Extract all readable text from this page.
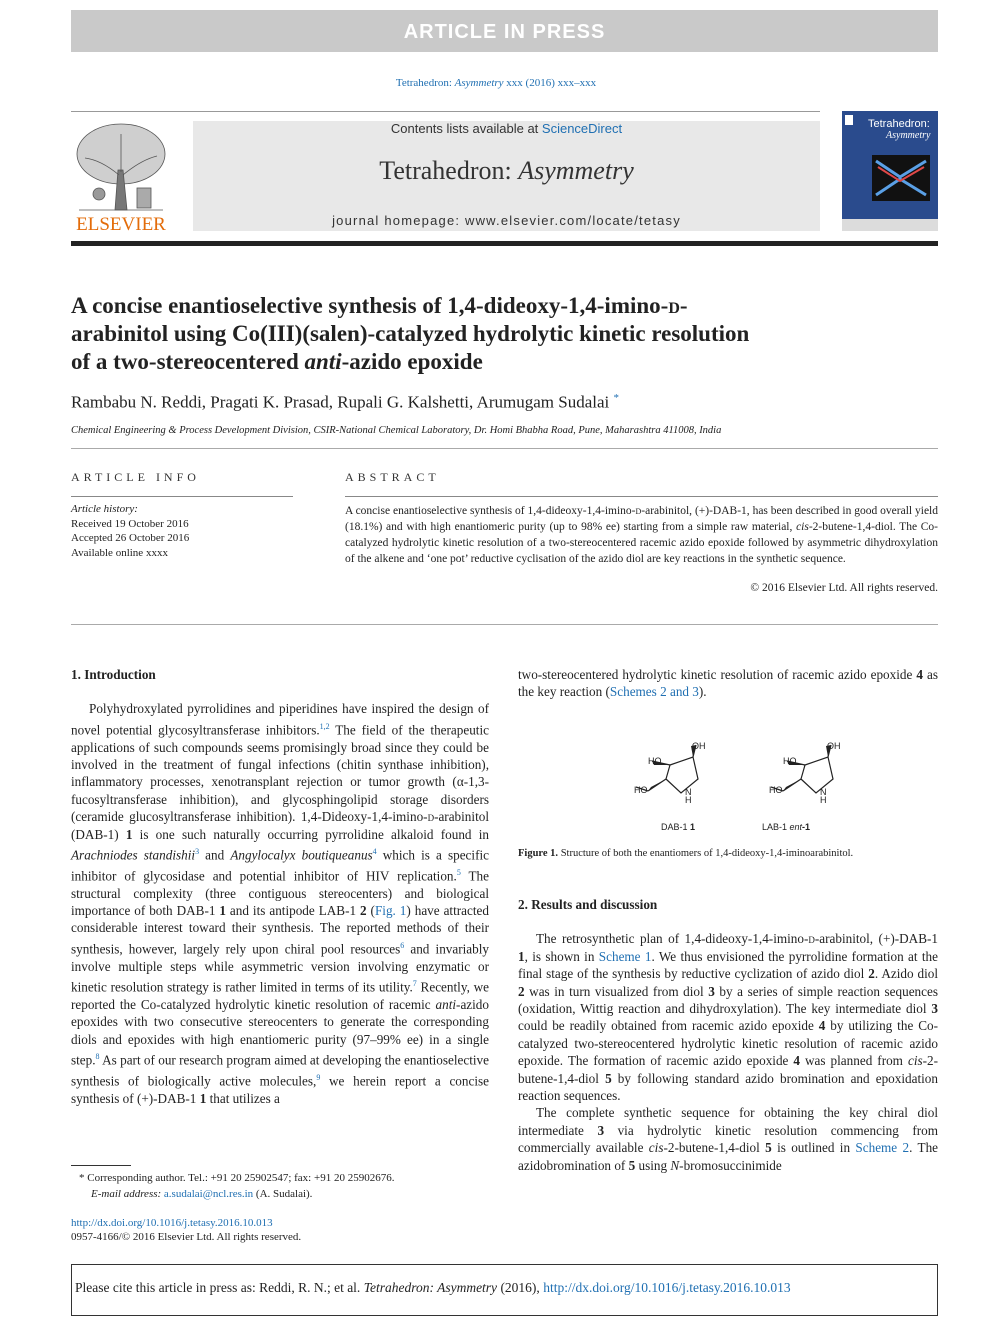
ARTICLE IN PRESS
Tetrahedron: Asymmetry xxx (2016) xxx–xxx
ELSEVIER
Contents lists available at ScienceDirect
Tetrahedron: Asymmetry
journal homepage: www.elsevier.com/locate/tetasy
Tetrahedron:
Asymmetry
A concise enantioselective synthesis of 1,4-dideoxy-1,4-imino-d-
arabinitol using Co(III)(salen)-catalyzed hydrolytic kinetic resolution
of a two-stereocentered anti-azido epoxide
Rambabu N. Reddi, Pragati K. Prasad, Rupali G. Kalshetti, Arumugam Sudalai *
Chemical Engineering & Process Development Division, CSIR-National Chemical Laboratory, Dr. Homi Bhabha Road, Pune, Maharashtra 411008, India
ARTICLE INFO
Article history:
Received 19 October 2016
Accepted 26 October 2016
Available online xxxx
ABSTRACT
A concise enantioselective synthesis of 1,4-dideoxy-1,4-imino-d-arabinitol, (+)-DAB-1, has been described in good overall yield (18.1%) and with high enantiomeric purity (up to 98% ee) starting from a simple raw material, cis-2-butene-1,4-diol. The Co-catalyzed hydrolytic kinetic resolution of a two-stereocentered racemic azido epoxide followed by asymmetric dihydroxylation of the alkene and ‘one pot’ reductive cyclisation of the azido diol are key reactions in the synthetic sequence.
© 2016 Elsevier Ltd. All rights reserved.
1. Introduction

Polyhydroxylated pyrrolidines and piperidines have inspired the design of novel potential glycosyltransferase inhibitors.$^{1,2}$ The field of the therapeutic applications of such compounds seems promisingly broad since they could be involved in the treatment of fungal infections (chitin synthase inhibition), inflammatory processes, xenotransplant rejection or tumor growth (α-1,3-fucosyltransferase inhibition), and glycosphingolipid storage disorders (ceramide glucosyltransferase inhibition). 1,4-Dideoxy-1,4-imino-d-arabinitol (DAB-1) 1 is one such naturally occurring pyrrolidine alkaloid found in Arachniodes standishii$^3$ and Angylocalyx boutiqueanus$^4$ which is a specific inhibitor of glycosidase and potential inhibitor of HIV replication.$^5$ The structural complexity (three contiguous stereocenters) and biological importance of both DAB-1 1 and its antipode LAB-1 2 (Fig. 1) have attracted considerable interest toward their synthesis. The reported methods of their synthesis, however, largely rely upon chiral pool resources$^6$ and invariably involve multiple steps while asymmetric version involving enzymatic or kinetic resolution strategy is rather limited in terms of its utility.$^7$ Recently, we reported the Co-catalyzed hydrolytic kinetic resolution of racemic anti-azido epoxides with two consecutive stereocenters to generate the corresponding diols and epoxides with high enantiomeric purity (97–99% ee) in a single step.$^8$ As part of our research program aimed at developing the enantioselective synthesis of biologically active molecules,$^9$ we herein report a concise synthesis of (+)-DAB-1 1 that utilizes a

two-stereocentered hydrolytic kinetic resolution of racemic azido epoxide 4 as the key reaction (Schemes 2 and 3).

HO
OH
HO	N
H
HO
OH
HO	N
H
DAB-1 1	LAB-1 ent-1
Figure 1. Structure of both the enantiomers of 1,4-dideoxy-1,4-iminoarabinitol.
2. Results and discussion

The retrosynthetic plan of 1,4-dideoxy-1,4-imino-d-arabinitol, (+)-DAB-1 1, is shown in Scheme 1. We thus envisioned the pyrrolidine formation at the final stage of the synthesis by reductive cyclization of azido diol 2. Azido diol 2 was in turn visualized from diol 3 by a series of simple reaction sequences (oxidation, Wittig reaction and dihydroxylation). The key intermediate diol 3 could be readily obtained from racemic azido epoxide 4 by utilizing the Co-catalyzed two-stereocentered hydrolytic kinetic resolution of racemic azido epoxide. The formation of racemic azido epoxide 4 was planned from cis-2-butene-1,4-diol 5 by following standard azido bromination and epoxidation reaction sequences.

The complete synthetic sequence for obtaining the key chiral diol intermediate 3 via hydrolytic kinetic resolution commencing from commercially available cis-2-butene-1,4-diol 5 is outlined in Scheme 2. The azidobromination of 5 using N-bromosuccinimide

* Corresponding author. Tel.: +91 20 25902547; fax: +91 20 25902676.
E-mail address: a.sudalai@ncl.res.in (A. Sudalai).
http://dx.doi.org/10.1016/j.tetasy.2016.10.013
0957-4166/© 2016 Elsevier Ltd. All rights reserved.
Please cite this article in press as: Reddi, R. N.; et al. Tetrahedron: Asymmetry (2016), http://dx.doi.org/10.1016/j.tetasy.2016.10.013
